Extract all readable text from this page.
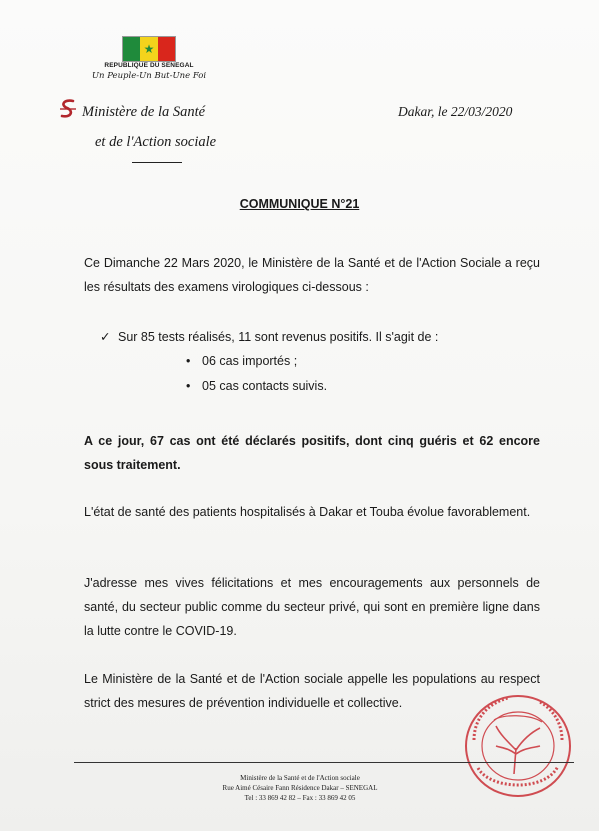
★
REPUBLIQUE DU SENEGAL
Un Peuple-Un But-Une Foi
Ministère de la Santé
et de l'Action sociale
Dakar, le 22/03/2020
COMMUNIQUE N°21
Ce Dimanche 22 Mars 2020, le Ministère de la Santé et de l'Action Sociale a reçu les résultats des examens virologiques ci-dessous :
✓ Sur 85 tests réalisés, 11 sont revenus positifs. Il s'agit de :
• 06 cas importés ;
• 05 cas contacts suivis.
A ce jour, 67 cas ont été déclarés positifs, dont cinq guéris et 62 encore sous traitement.
L'état de santé des patients hospitalisés à Dakar et Touba évolue favorablement.
J'adresse mes vives félicitations et mes encouragements aux personnels de santé, du secteur public comme du secteur privé, qui sont en première ligne dans la lutte contre le COVID-19.
Le Ministère de la Santé et de l'Action sociale appelle les populations au respect strict des mesures de prévention individuelle et collective.
Ministère de la Santé et de l'Action sociale
Rue Aimé Césaire Fann Résidence Dakar – SENEGAL
Tel : 33 869 42 82 – Fax : 33 869 42 05
